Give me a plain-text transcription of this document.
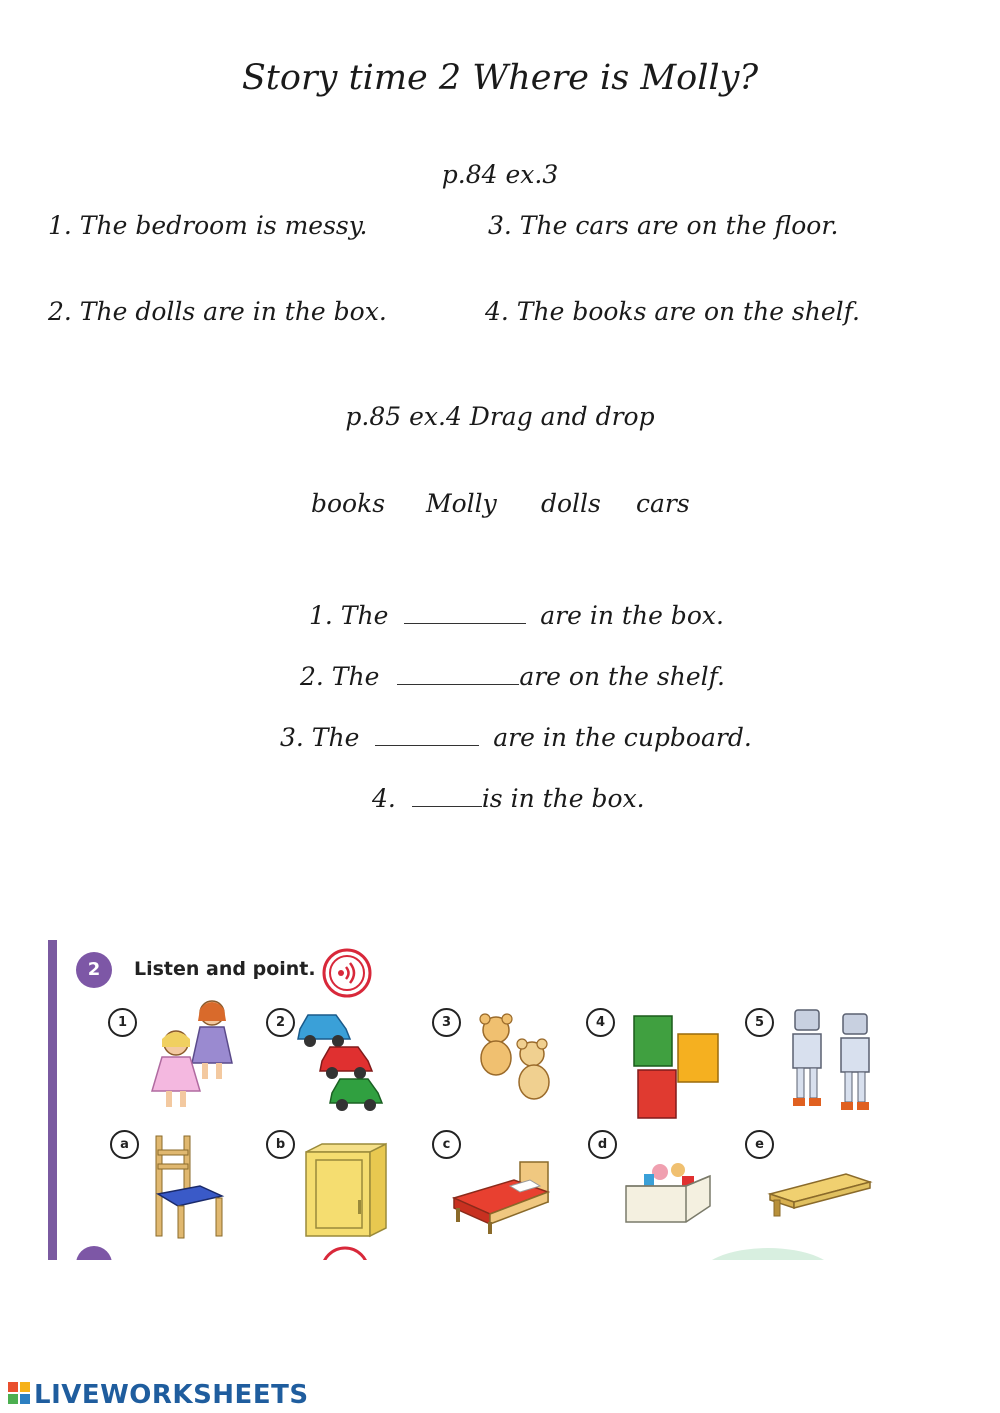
Story time 2 Where is Molly?
p.84 ex.3
1. The bedroom is messy.	3. The cars are on the floor.
2. The dolls are in the box.	4. The books are on the shelf.
p.85 ex.4 Drag and drop
books Molly dolls cars
1. The	are in the box.
2. The	are on the shelf.
3. The	are in the cupboard.
4.	is in the box.
2	Listen and point.
1	2	3	4	5
a	b	c	d	e
LIVEWORKSHEETS
